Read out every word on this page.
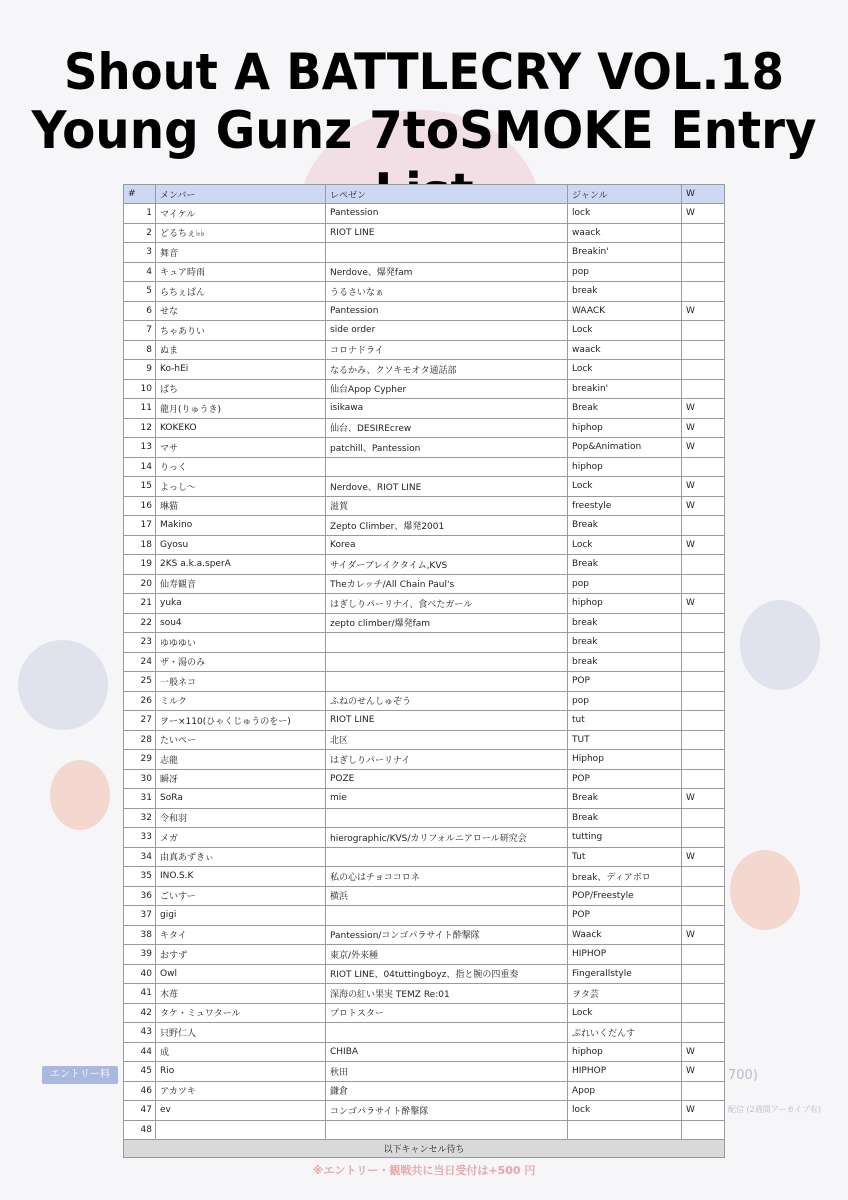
Shout A BATTLECRY VOL.18
Young Gunz 7toSMOKE Entry
#	メンバー	レペゼン	ジャンル	W
1	マイケル	Pantession	lock	W
2	どるちぇ♭♭	RIOT LINE	waack	
3	舞音		Breakin'	
4	キュア時雨	Nerdove、爆発fam	pop	
5	らちぇぱん	うるさいなぁ	break	
6	せな	Pantession	WAACK	W
7	ちゃありい	side order	Lock	
8	ぬま	コロナドライ	waack	
9	Ko-hEi	なるかみ、クソキモオタ通話部	Lock	
10	ぱち	仙台Apop Cypher	breakin'	
11	龍月(りゅうき)	isikawa	Break	W
12	KOKEKO	仙台、DESIREcrew	hiphop	W
13	マサ	patchill、Pantession	Pop&Animation	W
14	りっく		hiphop	
15	よっし〜	Nerdove、RIOT LINE	Lock	W
16	琳猫	滋賀	freestyle	W
17	Makino	Zepto Climber、爆発2001	Break	
18	Gyosu	Korea	Lock	W
19	2KS a.k.a.sperA	サイダーブレイクタイム,KVS	Break	
20	仙寿観音	Theカレッチ/All Chain Paul's	pop	
21	yuka	はぎしりパーリナイ、食べたガール	hiphop	W
22	sou4	zepto climber/爆発fam	break	
23	ゆゆゆい		break	
24	ザ・湯のみ		break	
25	一般ネコ		POP	
26	ミルク	ふねのせんしゅぞう	pop	
27	ヲー×110(ひゃくじゅうのをー)	RIOT LINE	tut	
28	たいぺー	北区	TUT	
29	志龍	はぎしりパーリナイ	Hiphop	
30	瞬冴	POZE	POP	
31	SoRa	mie	Break	W
32	令和羽		Break	
33	メガ	hierographic/KVS/カリフォルニアロール研究会	tutting	
34	由真あずきぃ		Tut	W
35	INO.S.K	私の心はチョココロネ	break、ディアボロ	
36	ごいすー	横浜	POP/Freestyle	
37	gigi		POP	
38	キタイ	Pantession/コンゴパラサイト酔撃隊	Waack	W
39	おすず	東京/外来種	HIPHOP	
40	Owl	RIOT LINE、04tuttingboyz、指と腕の四重奏	Fingerallstyle	
41	木苺	深海の紅い果実 TEMZ Re:01	ヲタ芸	
42	タケ・ミュワタール	プロトスター	Lock	
43	只野仁人		ぶれいくだんす	
44	成	CHIBA	hiphop	W
45	Rio	秋田	HIPHOP	W
46	アカツキ	鎌倉	Apop	
47	ev	コンゴパラサイト酔撃隊	lock	W
48				
以下キャンセル待ち				
エントリー料	700)
配信 (2週間アーカイブ有)
※エントリー・観戦共に当日受付は+500 円
